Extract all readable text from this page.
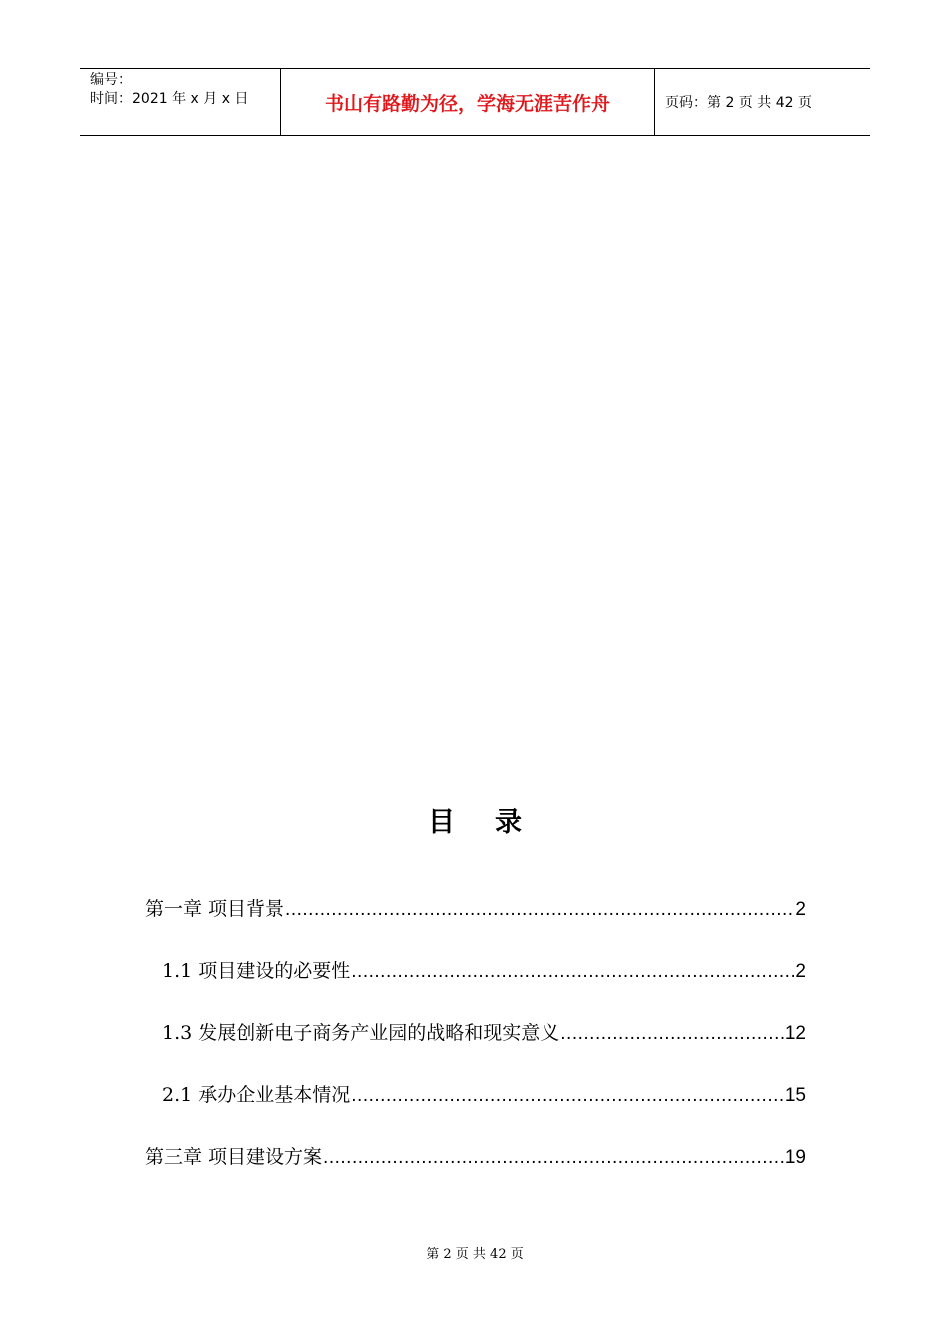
编号：
时间：2021 年 x 月 x 日	书山有路勤为径，学海无涯苦作舟	页码：第 2 页 共 42 页
目 录
第一章 项目背景 .....	2
1.1 项目建设的必要性 .....	2
1.3 发展创新电子商务产业园的战略和现实意义 .....	12
2.1 承办企业基本情况 .....	15
第三章 项目建设方案 .....	19
第 2 页 共 42 页
